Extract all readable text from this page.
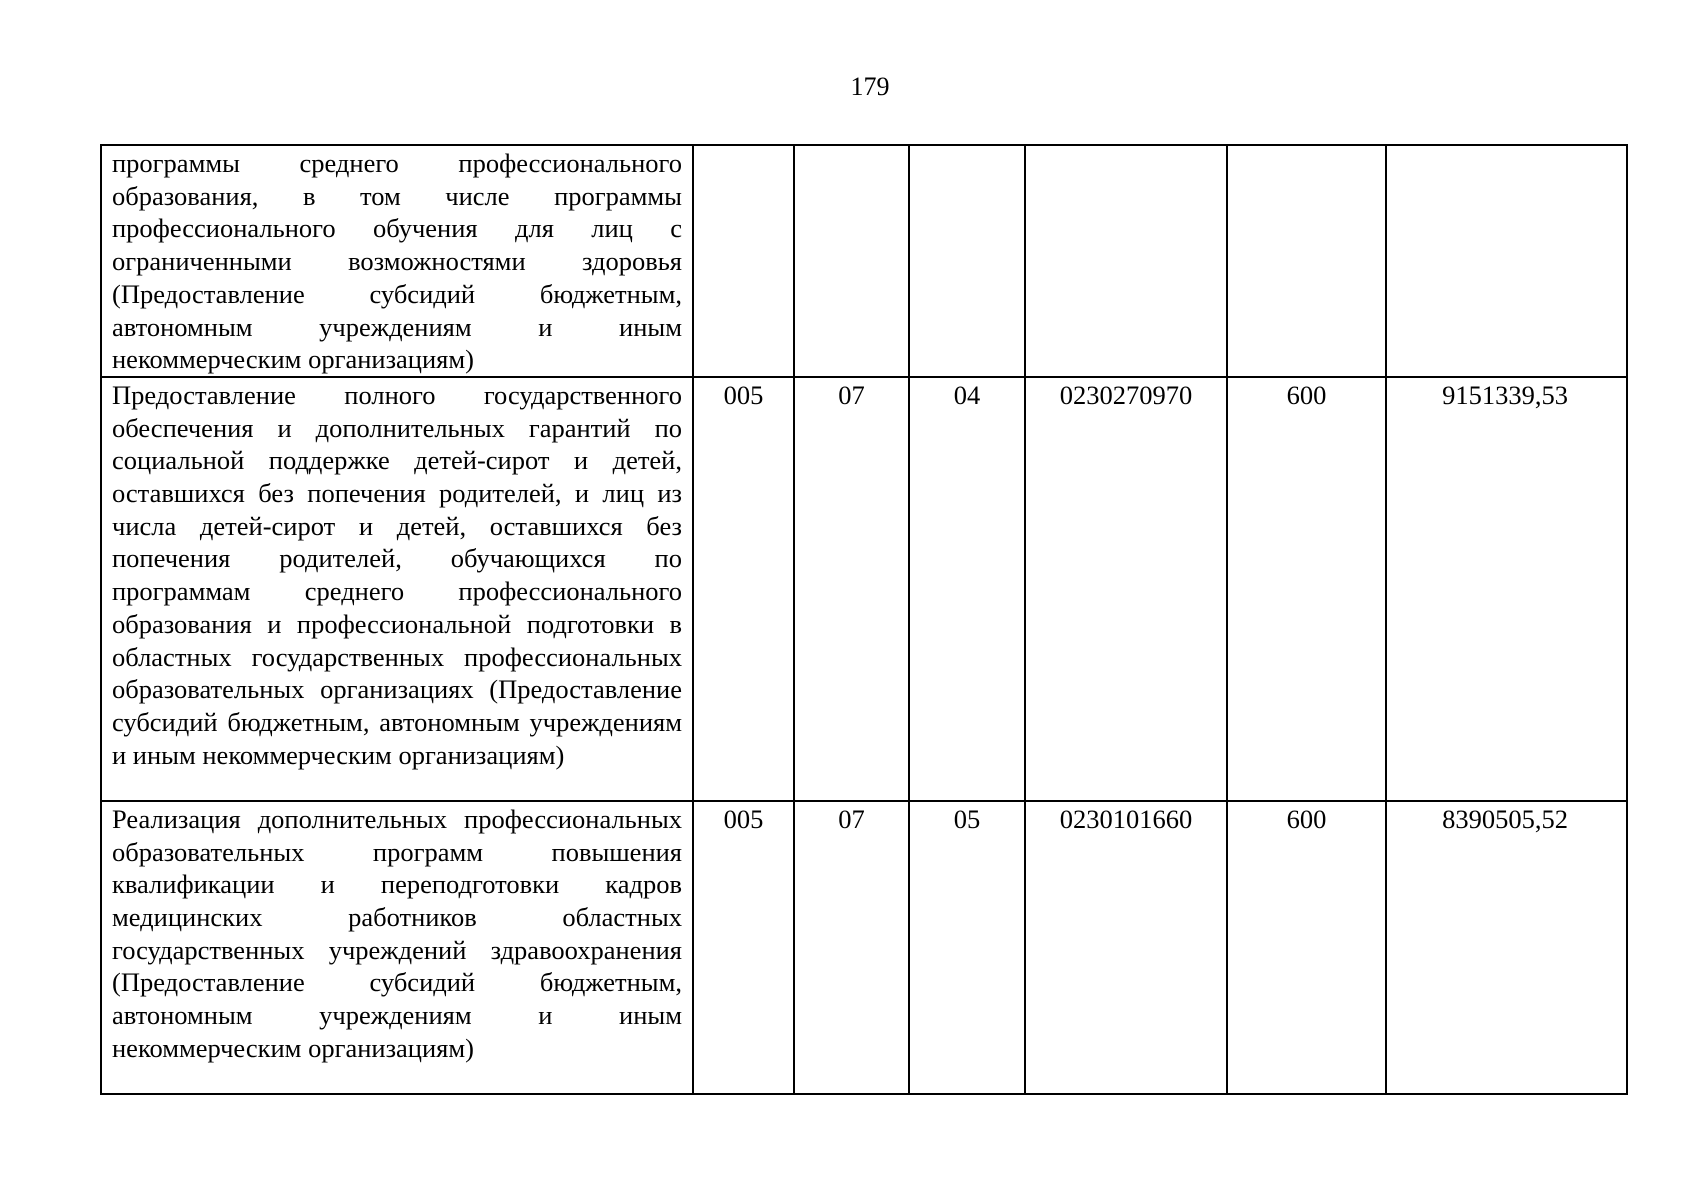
179
программы среднего профессионального образования, в том числе программы профессионального обучения для лиц с ограниченными возможностями здоровья (Предоставление субсидий бюджетным, автономным учреждениям и иным некоммерческим организациям)						
Предоставление полного государственного обеспечения и дополнительных гарантий по социальной поддержке детей-сирот и детей, оставшихся без попечения родителей, и лиц из числа детей-сирот и детей, оставшихся без попечения родителей, обучающихся по программам среднего профессионального образования и профессиональной подготовки в областных государственных профессиональных образовательных организациях (Предоставление субсидий бюджетным, автономным учреждениям и иным некоммерческим организациям)	005	07	04	0230270970	600	9151339,53
Реализация дополнительных профессиональных образовательных программ повышения квалификации и переподготовки кадров медицинских работников областных государственных учреждений здравоохранения (Предоставление субсидий бюджетным, автономным учреждениям и иным некоммерческим организациям)	005	07	05	0230101660	600	8390505,52
